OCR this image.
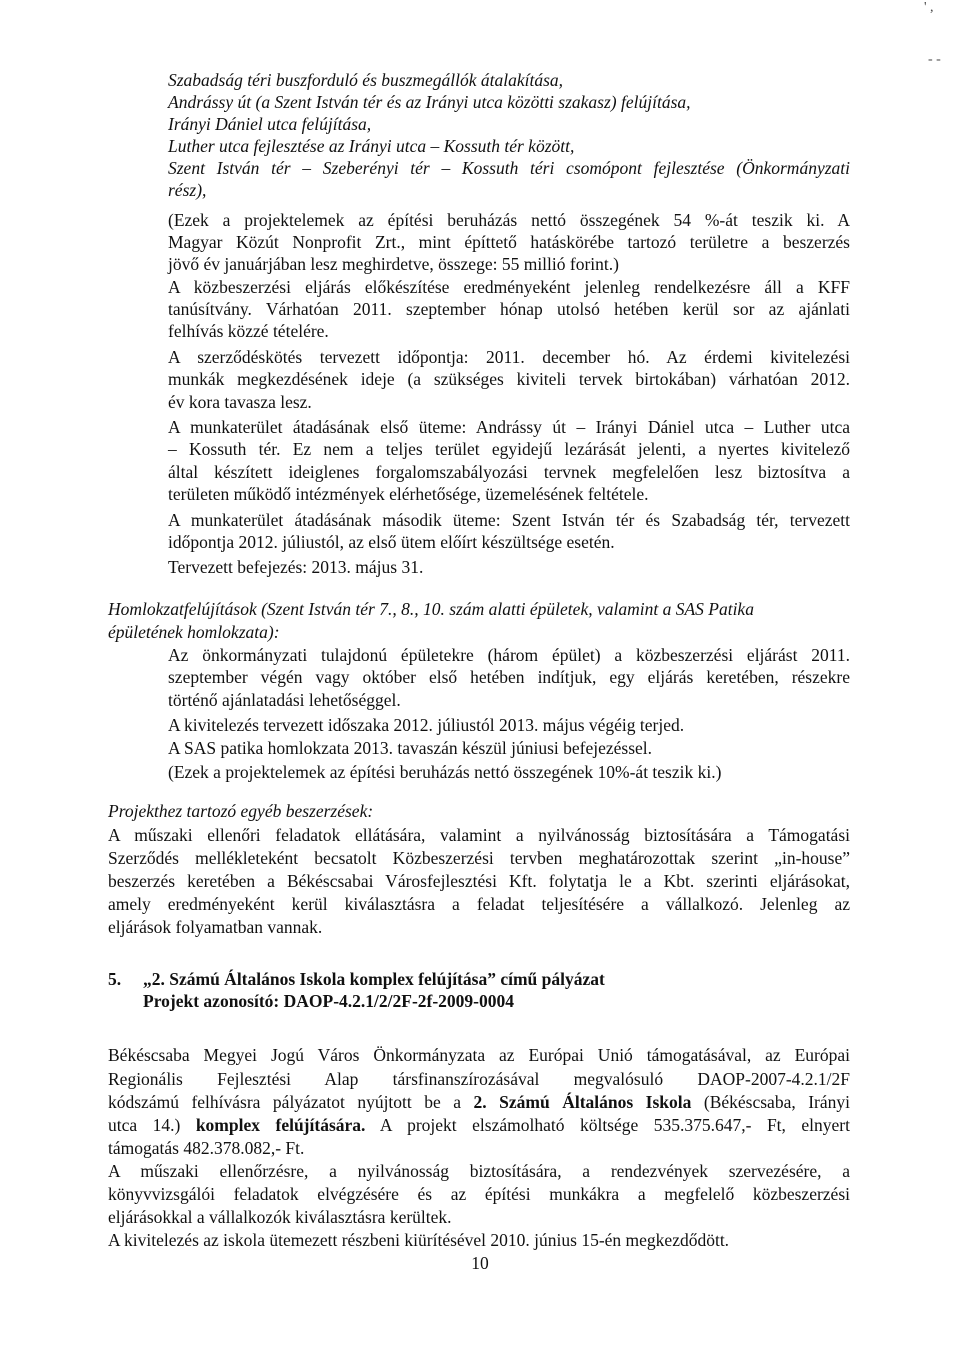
' ,
- -
Szabadság téri buszforduló és buszmegállók átalakítása,
Andrássy út (a Szent István tér és az Irányi utca közötti szakasz) felújítása,
Irányi Dániel utca felújítása,
Luther utca fejlesztése az Irányi utca – Kossuth tér között,
Szent István tér – Szeberényi tér – Kossuth téri csomópont fejlesztése (Önkormányzati
rész),
(Ezek a projektelemek az építési beruházás nettó összegének 54 %-át teszik ki. A
Magyar Közút Nonprofit Zrt., mint építtető hatáskörébe tartozó területre a beszerzés
jövő év januárjában lesz meghirdetve, összege: 55 millió forint.)
A közbeszerzési eljárás előkészítése eredményeként jelenleg rendelkezésre áll a KFF
tanúsítvány. Várhatóan 2011. szeptember hónap utolsó hetében kerül sor az ajánlati
felhívás közzé tételére.
A szerződéskötés tervezett időpontja: 2011. december hó. Az érdemi kivitelezési
munkák megkezdésének ideje (a szükséges kiviteli tervek birtokában) várhatóan 2012.
év kora tavasza lesz.
A munkaterület átadásának első üteme: Andrássy út – Irányi Dániel utca – Luther utca
– Kossuth tér. Ez nem a teljes terület egyidejű lezárását jelenti, a nyertes kivitelező
által készített ideiglenes forgalomszabályozási tervnek megfelelően lesz biztosítva a
területen működő intézmények elérhetősége, üzemelésének feltétele.
A munkaterület átadásának második üteme: Szent István tér és Szabadság tér, tervezett
időpontja 2012. júliustól, az első ütem előírt készültsége esetén.
Tervezett befejezés: 2013. május 31.
Homlokzatfelújítások (Szent István tér 7., 8., 10. szám alatti épületek, valamint a SAS Patika
épületének homlokzata):
Az önkormányzati tulajdonú épületekre (három épület) a közbeszerzési eljárást 2011.
szeptember végén vagy október első hetében indítjuk, egy eljárás keretében, részekre
történő ajánlatadási lehetőséggel.
A kivitelezés tervezett időszaka 2012. júliustól 2013. május végéig terjed.
A SAS patika homlokzata 2013. tavaszán készül júniusi befejezéssel.
(Ezek a projektelemek az építési beruházás nettó összegének 10%-át teszik ki.)
Projekthez tartozó egyéb beszerzések:
A műszaki ellenőri feladatok ellátására, valamint a nyilvánosság biztosítására a Támogatási
Szerződés mellékleteként becsatolt Közbeszerzési tervben meghatározottak szerint „in-house”
beszerzés keretében a Békéscsabai Városfejlesztési Kft. folytatja le a Kbt. szerinti eljárásokat,
amely eredményeként kerül kiválasztásra a feladat teljesítésére a vállalkozó. Jelenleg az
eljárások folyamatban vannak.
5. „2. Számú Általános Iskola komplex felújítása” című pályázat
Projekt azonosító: DAOP-4.2.1/2/2F-2f-2009-0004
Békéscsaba Megyei Jogú Város Önkormányzata az Európai Unió támogatásával, az Európai
Regionális Fejlesztési Alap társfinanszírozásával megvalósuló DAOP-2007-4.2.1/2F
kódszámú felhívásra pályázatot nyújtott be a 2. Számú Általános Iskola (Békéscsaba, Irányi
utca 14.) komplex felújítására. A projekt elszámolható költsége 535.375.647,- Ft, elnyert
támogatás 482.378.082,- Ft.
A műszaki ellenőrzésre, a nyilvánosság biztosítására, a rendezvények szervezésére, a
könyvvizsgálói feladatok elvégzésére és az építési munkákra a megfelelő közbeszerzési
eljárásokkal a vállalkozók kiválasztásra kerültek.
A kivitelezés az iskola ütemezett részbeni kiürítésével 2010. június 15-én megkezdődött.
10
